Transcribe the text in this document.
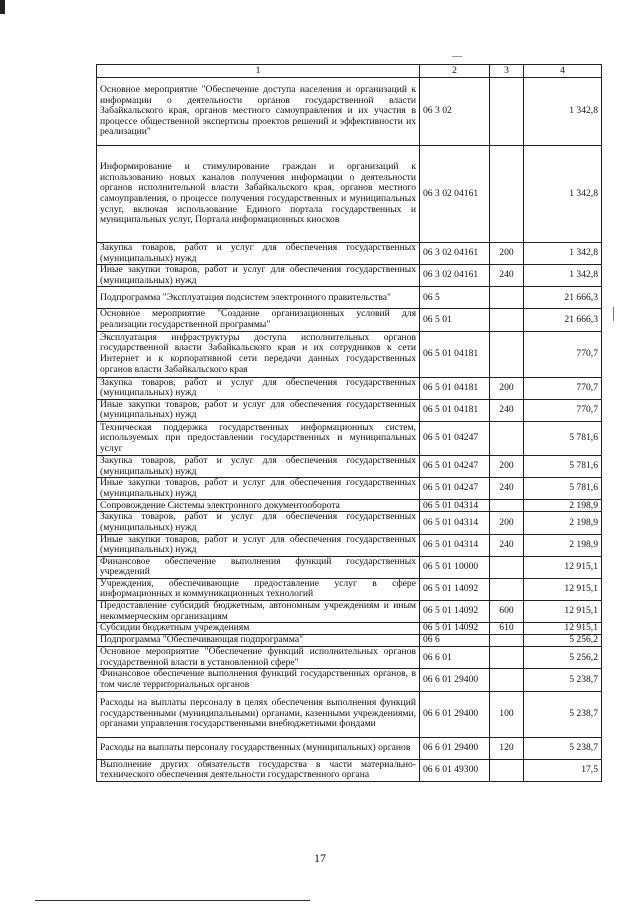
1	2	3	4
Основное мероприятие "Обеспечение доступа населения и организаций к информации о деятельности органов государственной власти Забайкальского края, органов местного самоуправления и их участия в процессе общественной экспертизы проектов решений и эффективности их реализации"	06 3 02		1 342,8
Информирование и стимулирование граждан и организаций к использованию новых каналов получения информации о деятельности органов исполнительной власти Забайкальского края, органов местного самоуправления, о процессе получения государственных и муниципальных услуг, включая использование Единого портала государственных и муниципальных услуг, Портала информационных киосков	06 3 02 04161		1 342,8
Закупка товаров, работ и услуг для обеспечения государственных (муниципальных) нужд	06 3 02 04161	200	1 342,8
Иные закупки товаров, работ и услуг для обеспечения государственных (муниципальных) нужд	06 3 02 04161	240	1 342,8
Подпрограмма "Эксплуатация подсистем электронного правительства"	06 5		21 666,3
Основное мероприятие "Создание организационных условий для реализации государственной программы"	06 5 01		21 666,3
Эксплуатация инфраструктуры доступа исполнительных органов государственной власти Забайкальского края и их сотрудников к сети Интернет и к корпоративной сети передачи данных государственных органов власти Забайкальского края	06 5 01 04181		770,7
Закупка товаров, работ и услуг для обеспечения государственных (муниципальных) нужд	06 5 01 04181	200	770,7
Иные закупки товаров, работ и услуг для обеспечения государственных (муниципальных) нужд	06 5 01 04181	240	770,7
Техническая поддержка государственных информационных систем, используемых при предоставлении государственных и муниципальных услуг	06 5 01 04247		5 781,6
Закупка товаров, работ и услуг для обеспечения государственных (муниципальных) нужд	06 5 01 04247	200	5 781,6
Иные закупки товаров, работ и услуг для обеспечения государственных (муниципальных) нужд	06 5 01 04247	240	5 781,6
Сопровождение Системы электронного документооборота	06 5 01 04314		2 198,9
Закупка товаров, работ и услуг для обеспечения государственных (муниципальных) нужд	06 5 01 04314	200	2 198,9
Иные закупки товаров, работ и услуг для обеспечения государственных (муниципальных) нужд	06 5 01 04314	240	2 198,9
Финансовое обеспечение выполнения функций государственных учреждений	06 5 01 10000		12 915,1
Учреждения, обеспечивающие предоставление услуг в сфере информационных и коммуникационных технологий	06 5 01 14092		12 915,1
Предоставление субсидий бюджетным, автономным учреждениям и иным некоммерческим организациям	06 5 01 14092	600	12 915,1
Субсидии бюджетным учреждениям	06 5 01 14092	610	12 915,1
Подпрограмма "Обеспечивающая подпрограмма"	06 6		5 256,2
Основное мероприятие "Обеспечение функций исполнительных органов государственной власти в установленной сфере"	06 6 01		5 256,2
Финансовое обеспечение выполнения функций государственных органов, в том числе территориальных органов	06 6 01 29400		5 238,7
Расходы на выплаты персоналу в целях обеспечения выполнения функций государственными (муниципальными) органами, казенными учреждениями, органами управления государственными внебюджетными фондами	06 6 01 29400	100	5 238,7
Расходы на выплаты персоналу государственных (муниципальных) органов	06 6 01 29400	120	5 238,7
Выполнение других обязательств государства в части материально-технического обеспечения деятельности государственного органа	06 6 01 49300		17,5
17
